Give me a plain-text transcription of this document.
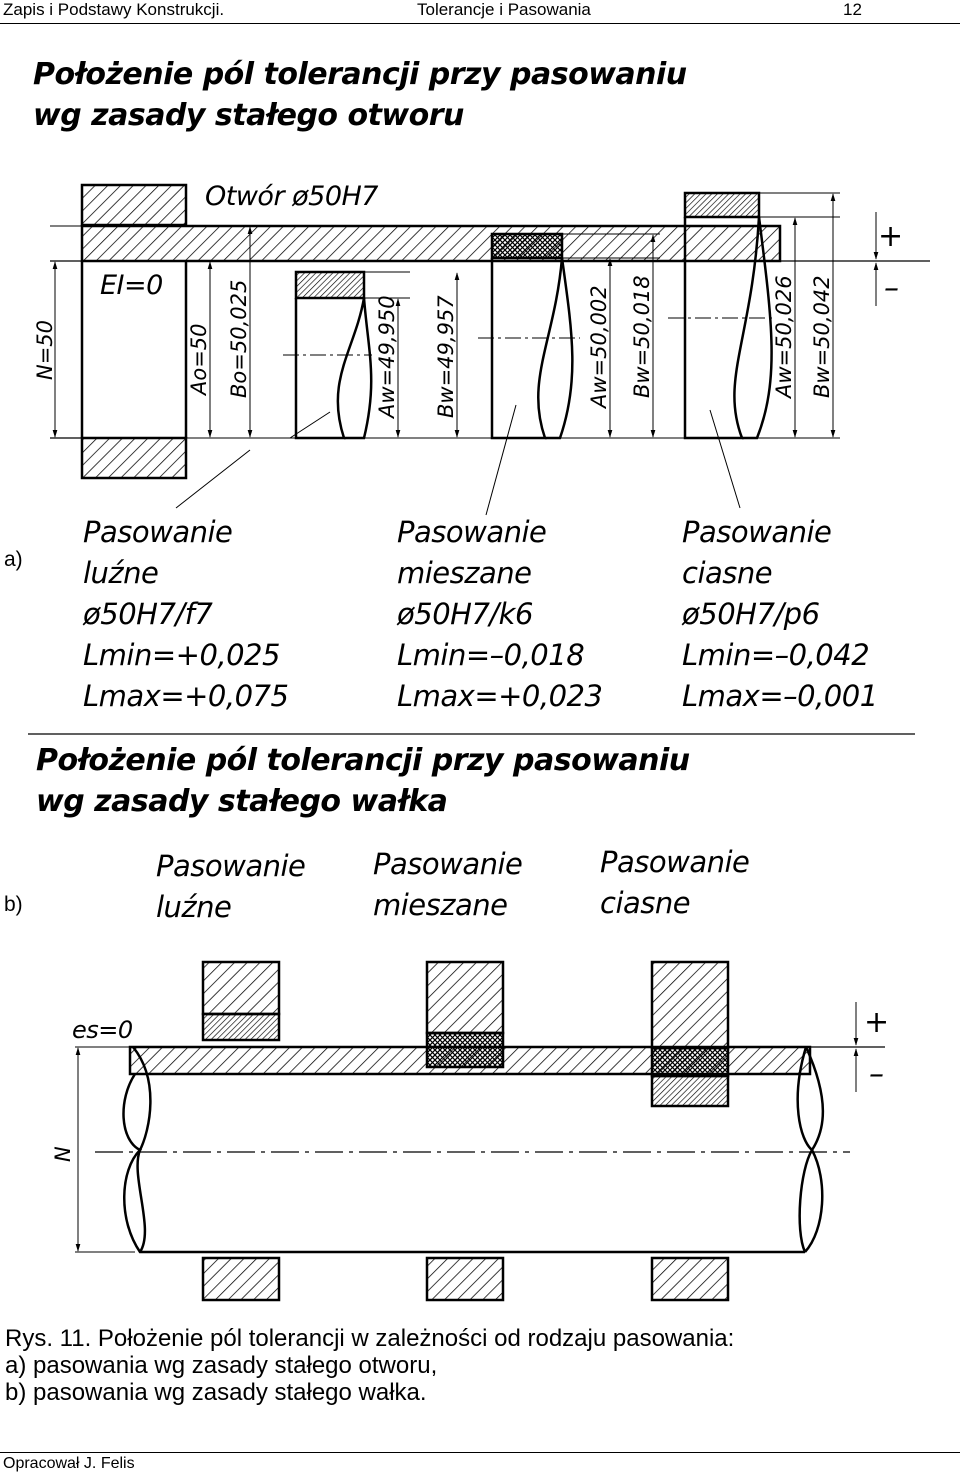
Zapis i Podstawy Konstrukcji.	Tolerancje i Pasowania	12
N=50	Ao=50 Bo=50,025	Aw=49,950 Bw=49,957	Aw=50,002 Bw=50,018	Aw=50,026 Bw=50,042
N
Położenie pól tolerancji przy pasowaniu
wg zasady stałego otworu
Otwór ø50H7
EI=0
+
–
a)
Pasowanie
luźne
ø50H7/f7
Lmin=+0,025
Lmax=+0,075
Pasowanie
mieszane
ø50H7/k6
Lmin=–0,018
Lmax=+0,023
Pasowanie
ciasne
ø50H7/p6
Lmin=–0,042
Lmax=–0,001
Położenie pól tolerancji przy pasowaniu
wg zasady stałego wałka
b)
Pasowanie
luźne
Pasowanie
mieszane
Pasowanie
ciasne
es=0	+
–
Rys. 11. Położenie pól tolerancji w zależności od rodzaju pasowania:
a) pasowania wg zasady stałego otworu,
b) pasowania wg zasady stałego wałka.
Opracował J. Felis
